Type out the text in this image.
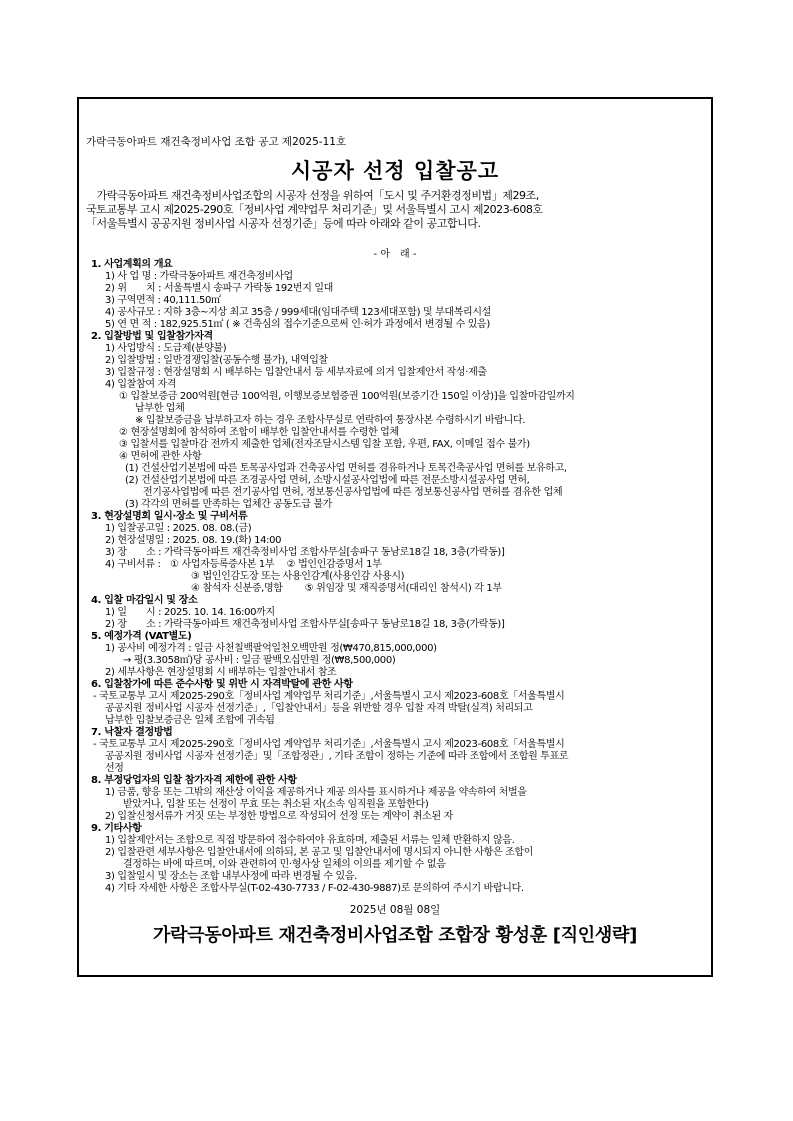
가락극동아파트 재건축정비사업 조합 공고 제2025-11호
시공자 선정 입찰공고
　가락극동아파트 재건축정비사업조합의 시공자 선정을 위하여「도시 및 주거환경정비법」제29조,
국토교통부 고시 제2025-290호「정비사업 계약업무 처리기준」및 서울특별시 고시 제2023-608호
「서울특별시 공공지원 정비사업 시공자 선정기준」등에 따라 아래와 같이 공고합니다.
- 아　래 -
1. 사업계획의 개요
1) 사 업 명 : 가락극동아파트 재건축정비사업
2) 위　　치 : 서울특별시 송파구 가락동 192번지 일대
3) 구역면적 : 40,111.50㎡
4) 공사규모 : 지하 3층~지상 최고 35층 / 999세대(임대주택 123세대포함) 및 부대복리시설
5) 연 면 적 : 182,925.51㎡ ( ※ 건축심의 접수기준으로써 인·허가 과정에서 변경될 수 있음)
2. 입찰방법 및 입찰참가자격
1) 사업방식 : 도급제(분양불)
2) 입찰방법 : 일반경쟁입찰(공동수행 불가), 내역입찰
3) 입찰규정 : 현장설명회 시 배부하는 입찰안내서 등 세부자료에 의거 입찰제안서 작성·제출
4) 입찰참여 자격
① 입찰보증금 200억원[현금 100억원, 이행보증보험증권 100억원(보증기간 150일 이상)]을 입찰마감일까지
납부한 업체
※ 입찰보증금을 납부하고자 하는 경우 조합사무실로 연락하여 통장사본 수령하시기 바랍니다.
② 현장설명회에 참석하여 조합이 배부한 입찰안내서를 수령한 업체
③ 입찰서를 입찰마감 전까지 제출한 업체(전자조달시스템 입찰 포함, 우편, FAX, 이메일 접수 불가)
④ 면허에 관한 사항
(1) 건설산업기본법에 따른 토목공사업과 건축공사업 면허를 겸유하거나 토목건축공사업 면허를 보유하고,
(2) 건설산업기본법에 따른 조경공사업 면허, 소방시설공사업법에 따른 전문소방시설공사업 면허,
전기공사업법에 따른 전기공사업 면허, 정보통신공사업법에 따른 정보통신공사업 면허를 겸유한 업체
(3) 각각의 면허를 만족하는 업체간 공동도급 불가
3. 현장설명회 일시·장소 및 구비서류
1) 입찰공고일 : 2025. 08. 08.(금)
2) 현장설명일 : 2025. 08. 19.(화) 14:00
3) 장　　소 : 가락극동아파트 재건축정비사업 조합사무실[송파구 동남로18길 18, 3층(가락동)]
4) 구비서류 :　① 사업자등록증사본 1부　 ② 법인인감증명서 1부
③ 법인인감도장 또는 사용인감계(사용인감 사용시)
④ 참석자 신분증,명함　　 ⑤ 위임장 및 재직증명서(대리인 참석시) 각 1부
4. 입찰 마감일시 및 장소
1) 일　　시 : 2025. 10. 14. 16:00까지
2) 장　　소 : 가락극동아파트 재건축정비사업 조합사무실[송파구 동남로18길 18, 3층(가락동)]
5. 예정가격 (VAT별도)
1) 공사비 예정가격 : 일금 사천칠백팔억일천오백만원 정(₩470,815,000,000)
→ 평(3.3058㎡)당 공사비 : 일금 팔백오십만원 정(₩8,500,000)
2) 세부사항은 현장설명회 시 배부하는 입찰안내서 참조
6. 입찰참가에 따른 준수사항 및 위반 시 자격박탈에 관한 사항
- 국토교통부 고시 제2025-290호「정비사업 계약업무 처리기준」,서울특별시 고시 제2023-608호「서울특별시
공공지원 정비사업 시공자 선정기준」,「입찰안내서」등을 위반할 경우 입찰 자격 박탈(실격) 처리되고
납부한 입찰보증금은 일체 조합에 귀속됨
7. 낙찰자 결정방법
- 국토교통부 고시 제2025-290호「정비사업 계약업무 처리기준」,서울특별시 고시 제2023-608호「서울특별시
공공지원 정비사업 시공자 선정기준」및「조합정관」, 기타 조합이 정하는 기준에 따라 조합에서 조합원 투표로
선정
8. 부정당업자의 입찰 참가자격 제한에 관한 사항
1) 금품, 향응 또는 그밖의 재산상 이익을 제공하거나 제공 의사를 표시하거나 제공을 약속하여 처벌을
받았거나, 입찰 또는 선정이 무효 또는 취소된 자(소속 임직원을 포함한다)
2) 입찰신청서류가 거짓 또는 부정한 방법으로 작성되어 선정 또는 계약이 취소된 자
9. 기타사항
1) 입찰제안서는 조합으로 직접 방문하여 접수하여야 유효하며, 제출된 서류는 일체 반환하지 않음.
2) 입찰관련 세부사항은 입찰안내서에 의하되, 본 공고 및 입찰안내서에 명시되지 아니한 사항은 조합이
결정하는 바에 따르며, 이와 관련하여 민·형사상 일체의 이의를 제기할 수 없음
3) 입찰일시 및 장소는 조합 내부사정에 따라 변경될 수 있음.
4) 기타 자세한 사항은 조합사무실(T-02-430-7733 / F-02-430-9887)로 문의하여 주시기 바랍니다.
2025년 08월 08일
가락극동아파트 재건축정비사업조합 조합장 황성훈 [직인생략]
